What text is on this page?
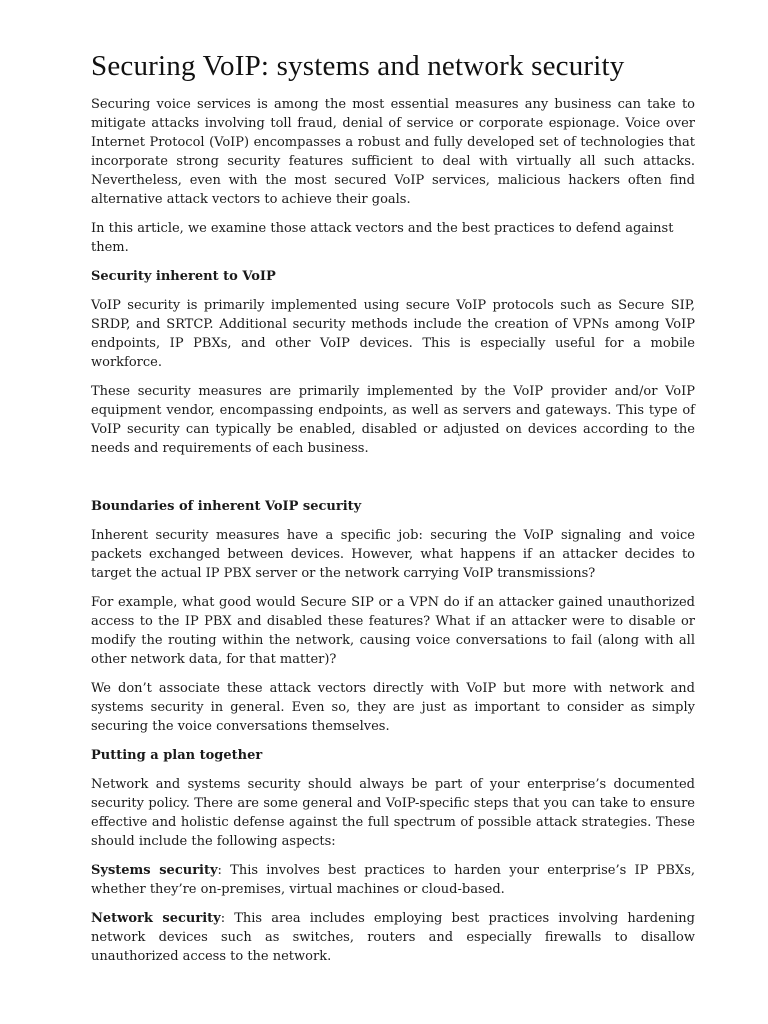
Securing VoIP: systems and network security

Securing voice services is among the most essential measures any business can take to mitigate attacks involving toll fraud, denial of service or corporate espionage. Voice over Internet Protocol (VoIP) encompasses a robust and fully developed set of technologies that incorporate strong security features sufficient to deal with virtually all such attacks. Nevertheless, even with the most secured VoIP services, malicious hackers often find alternative attack vectors to achieve their goals.

In this article, we examine those attack vectors and the best practices to defend against them.

Security inherent to VoIP

VoIP security is primarily implemented using secure VoIP protocols such as Secure SIP, SRDP, and SRTCP. Additional security methods include the creation of VPNs among VoIP endpoints, IP PBXs, and other VoIP devices. This is especially useful for a mobile workforce.

These security measures are primarily implemented by the VoIP provider and/or VoIP equipment vendor, encompassing endpoints, as well as servers and gateways. This type of VoIP security can typically be enabled, disabled or adjusted on devices according to the needs and requirements of each business.

Boundaries of inherent VoIP security

Inherent security measures have a specific job: securing the VoIP signaling and voice packets exchanged between devices. However, what happens if an attacker decides to target the actual IP PBX server or the network carrying VoIP transmissions?

For example, what good would Secure SIP or a VPN do if an attacker gained unauthorized access to the IP PBX and disabled these features? What if an attacker were to disable or modify the routing within the network, causing voice conversations to fail (along with all other network data, for that matter)?

We don’t associate these attack vectors directly with VoIP but more with network and systems security in general. Even so, they are just as important to consider as simply securing the voice conversations themselves.

Putting a plan together

Network and systems security should always be part of your enterprise’s documented security policy. There are some general and VoIP-specific steps that you can take to ensure effective and holistic defense against the full spectrum of possible attack strategies. These should include the following aspects:

Systems security: This involves best practices to harden your enterprise’s IP PBXs, whether they’re on-premises, virtual machines or cloud-based.

Network security: This area includes employing best practices involving hardening network devices such as switches, routers and especially firewalls to disallow unauthorized access to the network.
